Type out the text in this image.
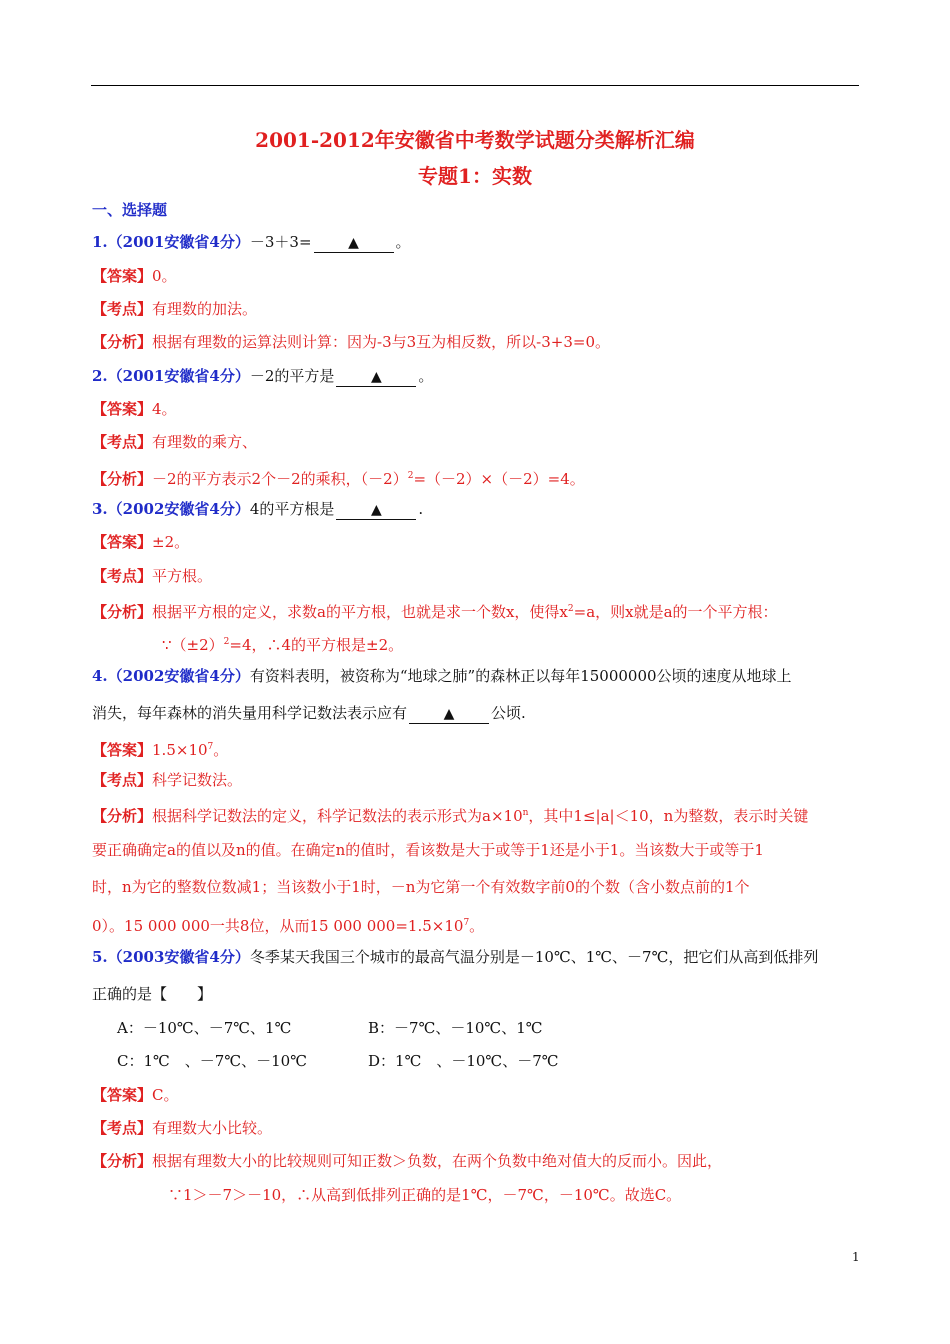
2001-2012年安徽省中考数学试题分类解析汇编
专题1：实数
一、选择题
1.（2001安徽省4分）－3＋3=	▲ 。
【答案】0。
【考点】有理数的加法。
【分析】根据有理数的运算法则计算：因为-3与3互为相反数，所以-3+3=0。
2.（2001安徽省4分）－2的平方是	▲ 。
【答案】4。
【考点】有理数的乘方、
【分析】－2的平方表示2个－2的乘积，$(-2)^2=(-2)\times(-2)=4$。
3.（2002安徽省4分）4的平方根是	▲ .
【答案】±2。
【考点】平方根。
【分析】根据平方根的定义，求数a的平方根，也就是求一个数x，使得$x^2=a$，则x就是a的一个平方根：
$\because(\pm 2)^2=4$，∴4的平方根是±2。
4.（2002安徽省4分）有资料表明，被资称为“地球之肺”的森林正以每年15000000公顷的速度从地球上
消失，每年森林的消失量用科学记数法表示应有	▲ 公顷.
【答案】$1.5\times 10^7$。
【考点】科学记数法。
【分析】根据科学记数法的定义，科学记数法的表示形式为$a\times 10^n$，其中1≤|a|＜10，n为整数，表示时关键
要正确确定a的值以及n的值。在确定n的值时，看该数是大于或等于1还是小于1。当该数大于或等于1
时，n为它的整数位数减1；当该数小于1时，－n为它第一个有效数字前0的个数（含小数点前的1个
0）。15 000 000一共8位，从而15 000 $000=1.5\times 10^7$。
5.（2003安徽省4分）冬季某天我国三个城市的最高气温分别是－10℃、1℃、－7℃，把它们从高到低排列
正确的是【　　】
A：－10℃、－7℃、1℃	B：－7℃、－10℃、1℃
C：1℃　、－7℃、－10℃	D：1℃　、－10℃、－7℃
【答案】C。
【考点】有理数大小比较。
【分析】根据有理数大小的比较规则可知正数＞负数，在两个负数中绝对值大的反而小。因此，
∵1＞－7＞－10，∴从高到低排列正确的是1℃，－7℃，－10℃。故选C。
1
